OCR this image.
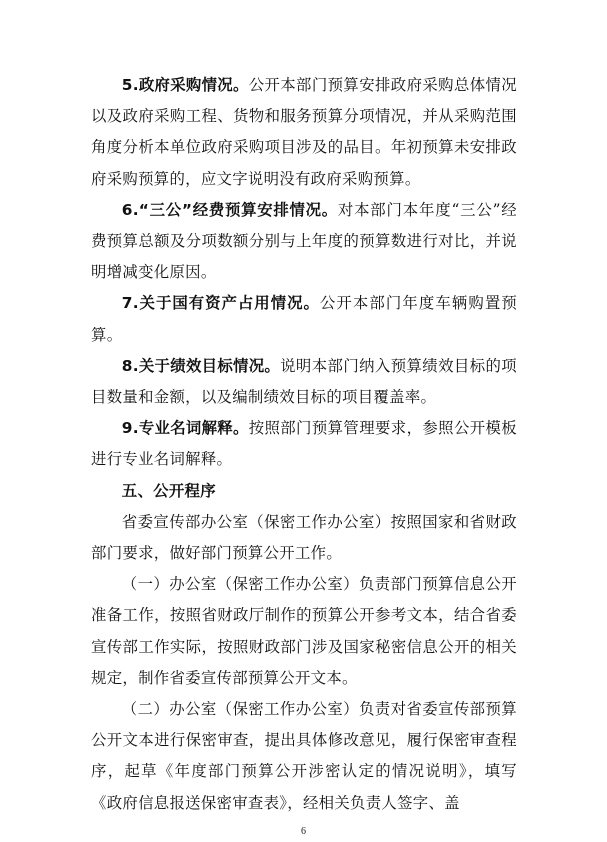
5.政府采购情况。公开本部门预算安排政府采购总体情况以及政府采购工程、货物和服务预算分项情况，并从采购范围角度分析本单位政府采购项目涉及的品目。年初预算未安排政府采购预算的，应文字说明没有政府采购预算。

6.“三公”经费预算安排情况。对本部门本年度“三公”经费预算总额及分项数额分别与上年度的预算数进行对比，并说明增减变化原因。

7.关于国有资产占用情况。公开本部门年度车辆购置预算。

8.关于绩效目标情况。说明本部门纳入预算绩效目标的项目数量和金额，以及编制绩效目标的项目覆盖率。

9.专业名词解释。按照部门预算管理要求，参照公开模板进行专业名词解释。

五、公开程序

省委宣传部办公室（保密工作办公室）按照国家和省财政部门要求，做好部门预算公开工作。

（一）办公室（保密工作办公室）负责部门预算信息公开准备工作，按照省财政厅制作的预算公开参考文本，结合省委宣传部工作实际，按照财政部门涉及国家秘密信息公开的相关规定，制作省委宣传部预算公开文本。

（二）办公室（保密工作办公室）负责对省委宣传部预算公开文本进行保密审查，提出具体修改意见，履行保密审查程序，起草《年度部门预算公开涉密认定的情况说明》，填写《政府信息报送保密审查表》，经相关负责人签字、盖

6
